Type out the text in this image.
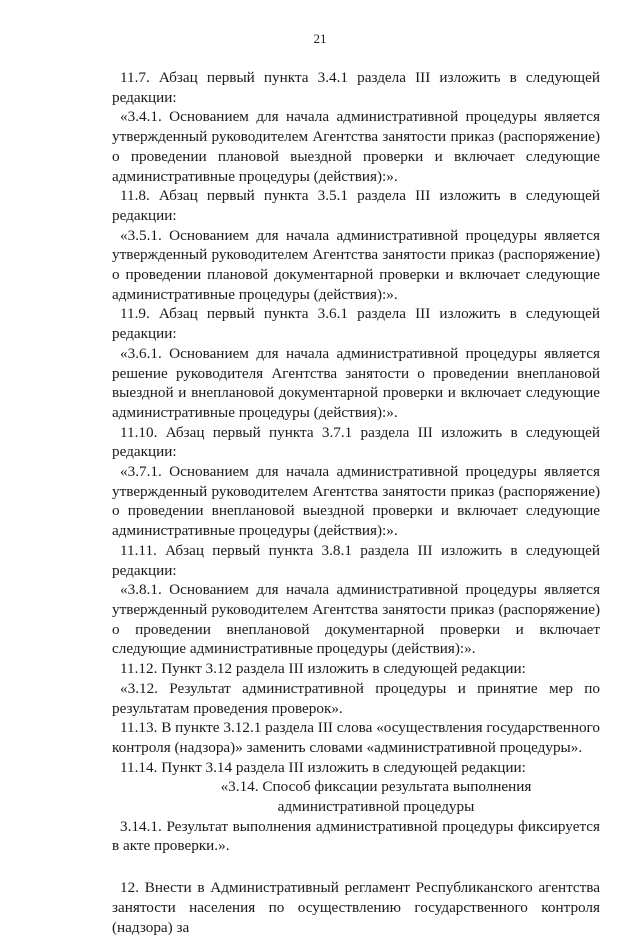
21

11.7. Абзац первый пункта 3.4.1 раздела III изложить в следующей редакции:

«3.4.1. Основанием для начала административной процедуры является утвержденный руководителем Агентства занятости приказ (распоряжение) о проведении плановой выездной проверки и включает следующие административные процедуры (действия):».

11.8. Абзац первый пункта 3.5.1 раздела III изложить в следующей редакции:

«3.5.1. Основанием для начала административной процедуры является утвержденный руководителем Агентства занятости приказ (распоряжение) о проведении плановой документарной проверки и включает следующие административные процедуры (действия):».

11.9. Абзац первый пункта 3.6.1 раздела III изложить в следующей редакции:

«3.6.1. Основанием для начала административной процедуры является решение руководителя Агентства занятости о проведении внеплановой выездной и внеплановой документарной проверки и включает следующие административные процедуры (действия):».

11.10. Абзац первый пункта 3.7.1 раздела III изложить в следующей редакции:

«3.7.1. Основанием для начала административной процедуры является утвержденный руководителем Агентства занятости приказ (распоряжение) о проведении внеплановой выездной проверки и включает следующие административные процедуры (действия):».

11.11. Абзац первый пункта 3.8.1 раздела III изложить в следующей редакции:

«3.8.1. Основанием для начала административной процедуры является утвержденный руководителем Агентства занятости приказ (распоряжение) о проведении внеплановой документарной проверки и включает следующие административные процедуры (действия):».

11.12. Пункт 3.12 раздела III изложить в следующей редакции:

«3.12. Результат административной процедуры и принятие мер по результатам проведения проверок».

11.13. В пункте 3.12.1 раздела III слова «осуществления государственного контроля (надзора)» заменить словами «административной процедуры».

11.14. Пункт 3.14 раздела III изложить в следующей редакции:

«3.14. Способ фиксации результата выполнения

административной процедуры

3.14.1. Результат выполнения административной процедуры фиксируется в акте проверки.».

12. Внести в Административный регламент Республиканского агентства занятости населения по осуществлению государственного контроля (надзора) за
